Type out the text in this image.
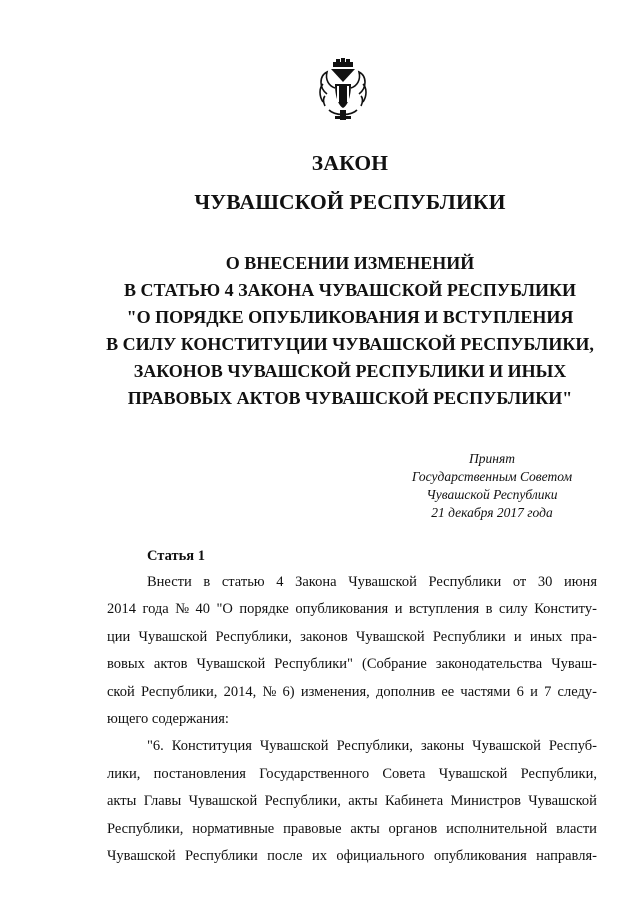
ЗАКОН
ЧУВАШСКОЙ РЕСПУБЛИКИ
О ВНЕСЕНИИ ИЗМЕНЕНИЙ
В СТАТЬЮ 4 ЗАКОНА ЧУВАШСКОЙ РЕСПУБЛИКИ
"О ПОРЯДКЕ ОПУБЛИКОВАНИЯ И ВСТУПЛЕНИЯ
В СИЛУ КОНСТИТУЦИИ ЧУВАШСКОЙ РЕСПУБЛИКИ,
ЗАКОНОВ ЧУВАШСКОЙ РЕСПУБЛИКИ И ИНЫХ
ПРАВОВЫХ АКТОВ ЧУВАШСКОЙ РЕСПУБЛИКИ"
Принят
Государственным Советом
Чувашской Республики
21 декабря 2017 года
Статья 1
Внести в статью 4 Закона Чувашской Республики от 30 июня
2014 года № 40 "О порядке опубликования и вступления в силу Конститу-
ции Чувашской Республики, законов Чувашской Республики и иных пра-
вовых актов Чувашской Республики" (Собрание законодательства Чуваш-
ской Республики, 2014, № 6) изменения, дополнив ее частями 6 и 7 следу-
ющего содержания:
"6. Конституция Чувашской Республики, законы Чувашской Респуб-
лики, постановления Государственного Совета Чувашской Республики,
акты Главы Чувашской Республики, акты Кабинета Министров Чувашской
Республики, нормативные правовые акты органов исполнительной власти
Чувашской Республики после их официального опубликования направля-
